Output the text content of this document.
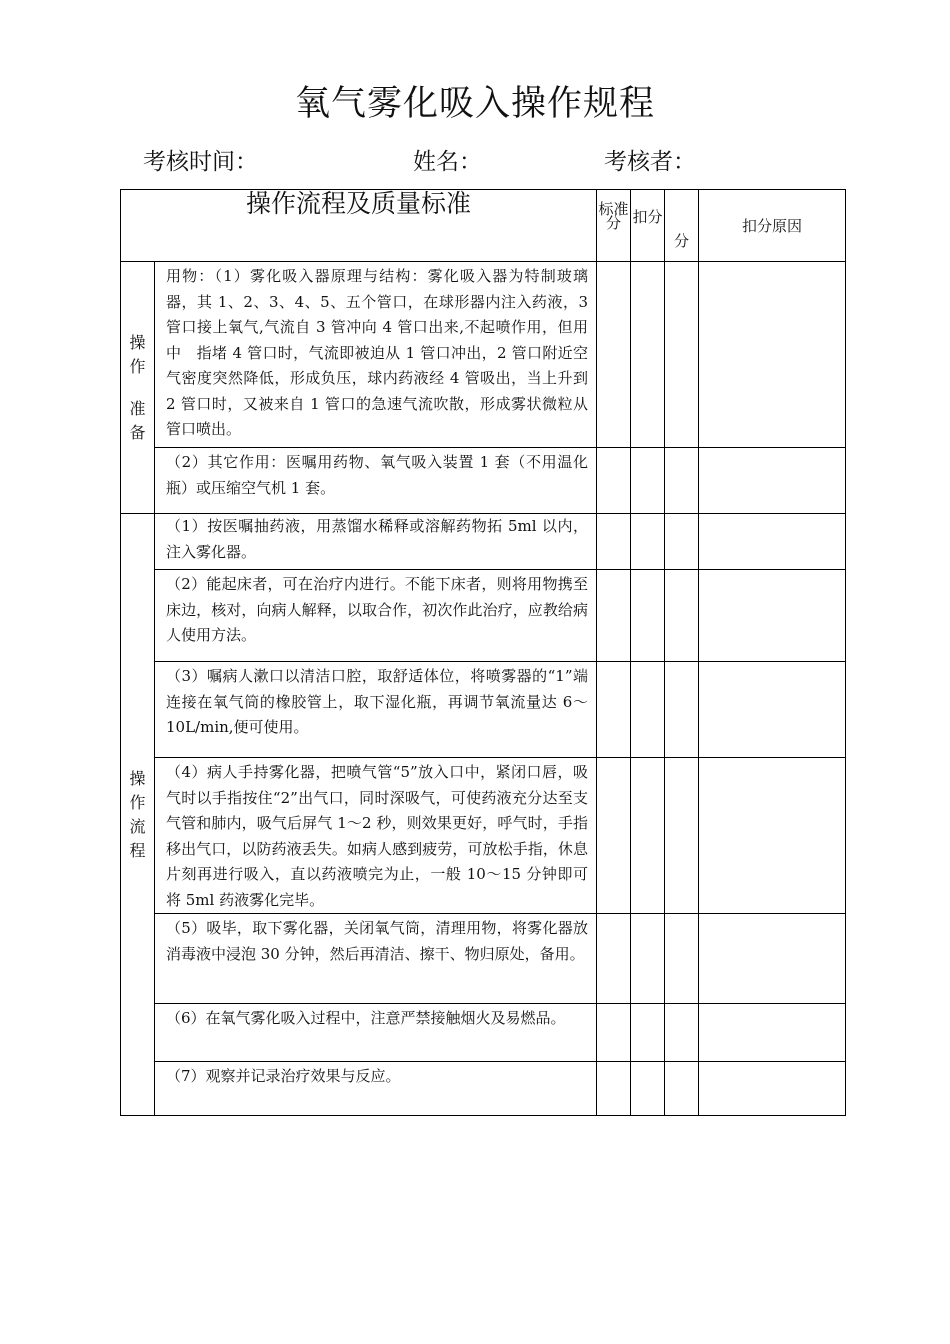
氧气雾化吸入操作规程
考核时间：	姓名：	考核者：
操作流程及质量标准		标准分	扣分	分	扣分原因

操
作
准
备	用物：（1）雾化吸入器原理与结构：雾化吸入器为特制玻璃器，其 1、2、3、4、5、五个管口，在球形器内注入药液，3 管口接上氧气,气流自 3 管冲向 4 管口出来,不起喷作用，但用中　指堵 4 管口时，气流即被迫从 1 管口冲出，2 管口附近空气密度突然降低，形成负压，球内药液经 4 管吸出，当上升到 2 管口时，又被来自 1 管口的急速气流吹散，形成雾状微粒从管口喷出。				
	（2）其它作用：医嘱用药物、氧气吸入装置 1 套（不用温化瓶）或压缩空气机 1 套。				

操
作
流
程	（1）按医嘱抽药液，用蒸馏水稀释或溶解药物拓 5ml 以内，注入雾化器。				
	（2）能起床者，可在治疗内进行。不能下床者，则将用物携至床边，核对，向病人解释，以取合作，初次作此治疗，应教给病人使用方法。				
	（3）嘱病人漱口以清洁口腔，取舒适体位，将喷雾器的“1”端连接在氧气筒的橡胶管上，取下湿化瓶，再调节氧流量达 6～10L/min,便可使用。				
	（4）病人手持雾化器，把喷气管“5”放入口中，紧闭口唇，吸气时以手指按住“2”出气口，同时深吸气，可使药液充分达至支气管和肺内，吸气后屏气 1～2 秒，则效果更好，呼气时，手指移出气口，以防药液丢失。如病人感到疲劳，可放松手指，休息片刻再进行吸入，直以药液喷完为止，一般 10～15 分钟即可将 5ml 药液雾化完毕。				
	（5）吸毕，取下雾化器，关闭氧气筒，清理用物，将雾化器放消毒液中浸泡 30 分钟，然后再清洁、擦干、物归原处，备用。				
	（6）在氧气雾化吸入过程中，注意严禁接触烟火及易燃品。				
	（7）观察并记录治疗效果与反应。				
